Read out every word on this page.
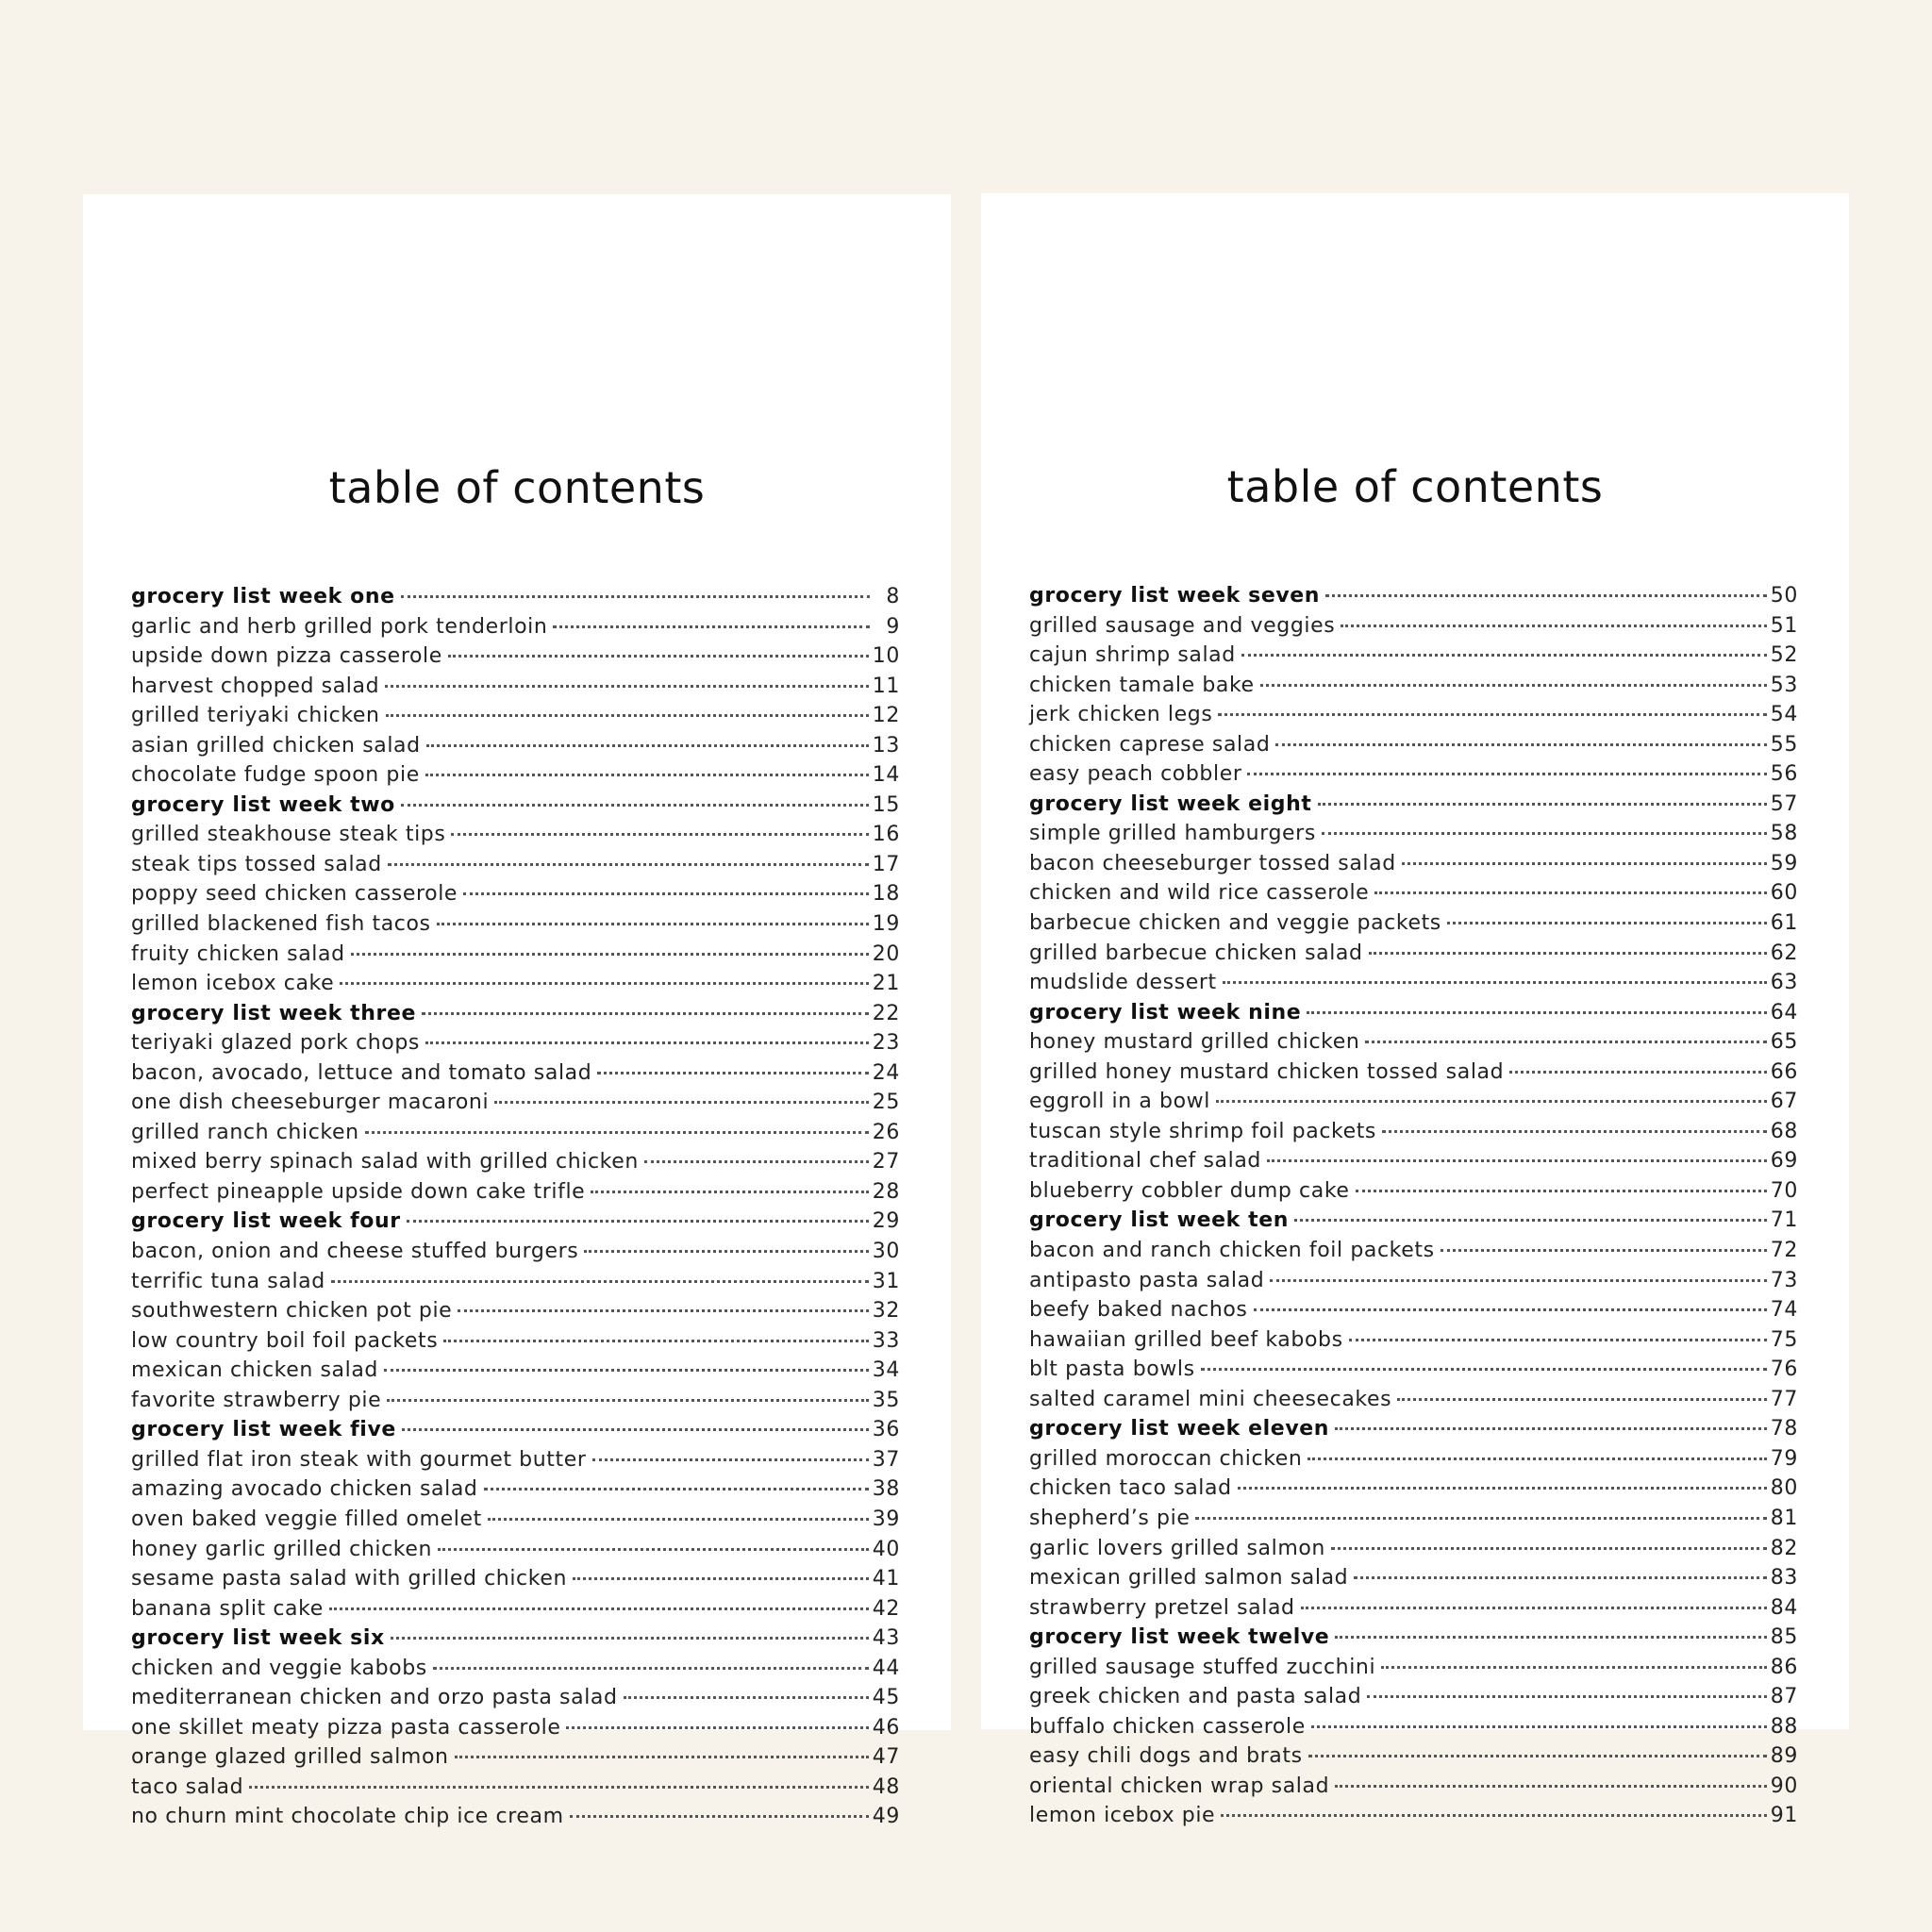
table of contents
grocery list week one	8
garlic and herb grilled pork tenderloin	9
upside down pizza casserole	10
harvest chopped salad	11
grilled teriyaki chicken	12
asian grilled chicken salad	13
chocolate fudge spoon pie	14
grocery list week two	15
grilled steakhouse steak tips	16
steak tips tossed salad	17
poppy seed chicken casserole	18
grilled blackened fish tacos	19
fruity chicken salad	20
lemon icebox cake	21
grocery list week three	22
teriyaki glazed pork chops	23
bacon, avocado, lettuce and tomato salad	24
one dish cheeseburger macaroni	25
grilled ranch chicken	26
mixed berry spinach salad with grilled chicken	27
perfect pineapple upside down cake trifle	28
grocery list week four	29
bacon, onion and cheese stuffed burgers	30
terrific tuna salad	31
southwestern chicken pot pie	32
low country boil foil packets	33
mexican chicken salad	34
favorite strawberry pie	35
grocery list week five	36
grilled flat iron steak with gourmet butter	37
amazing avocado chicken salad	38
oven baked veggie filled omelet	39
honey garlic grilled chicken	40
sesame pasta salad with grilled chicken	41
banana split cake	42
grocery list week six	43
chicken and veggie kabobs	44
mediterranean chicken and orzo pasta salad	45
one skillet meaty pizza pasta casserole	46
orange glazed grilled salmon	47
taco salad	48
no churn mint chocolate chip ice cream	49
table of contents
grocery list week seven	50
grilled sausage and veggies	51
cajun shrimp salad	52
chicken tamale bake	53
jerk chicken legs	54
chicken caprese salad	55
easy peach cobbler	56
grocery list week eight	57
simple grilled hamburgers	58
bacon cheeseburger tossed salad	59
chicken and wild rice casserole	60
barbecue chicken and veggie packets	61
grilled barbecue chicken salad	62
mudslide dessert	63
grocery list week nine	64
honey mustard grilled chicken	65
grilled honey mustard chicken tossed salad	66
eggroll in a bowl	67
tuscan style shrimp foil packets	68
traditional chef salad	69
blueberry cobbler dump cake	70
grocery list week ten	71
bacon and ranch chicken foil packets	72
antipasto pasta salad	73
beefy baked nachos	74
hawaiian grilled beef kabobs	75
blt pasta bowls	76
salted caramel mini cheesecakes	77
grocery list week eleven	78
grilled moroccan chicken	79
chicken taco salad	80
shepherd’s pie	81
garlic lovers grilled salmon	82
mexican grilled salmon salad	83
strawberry pretzel salad	84
grocery list week twelve	85
grilled sausage stuffed zucchini	86
greek chicken and pasta salad	87
buffalo chicken casserole	88
easy chili dogs and brats	89
oriental chicken wrap salad	90
lemon icebox pie	91
